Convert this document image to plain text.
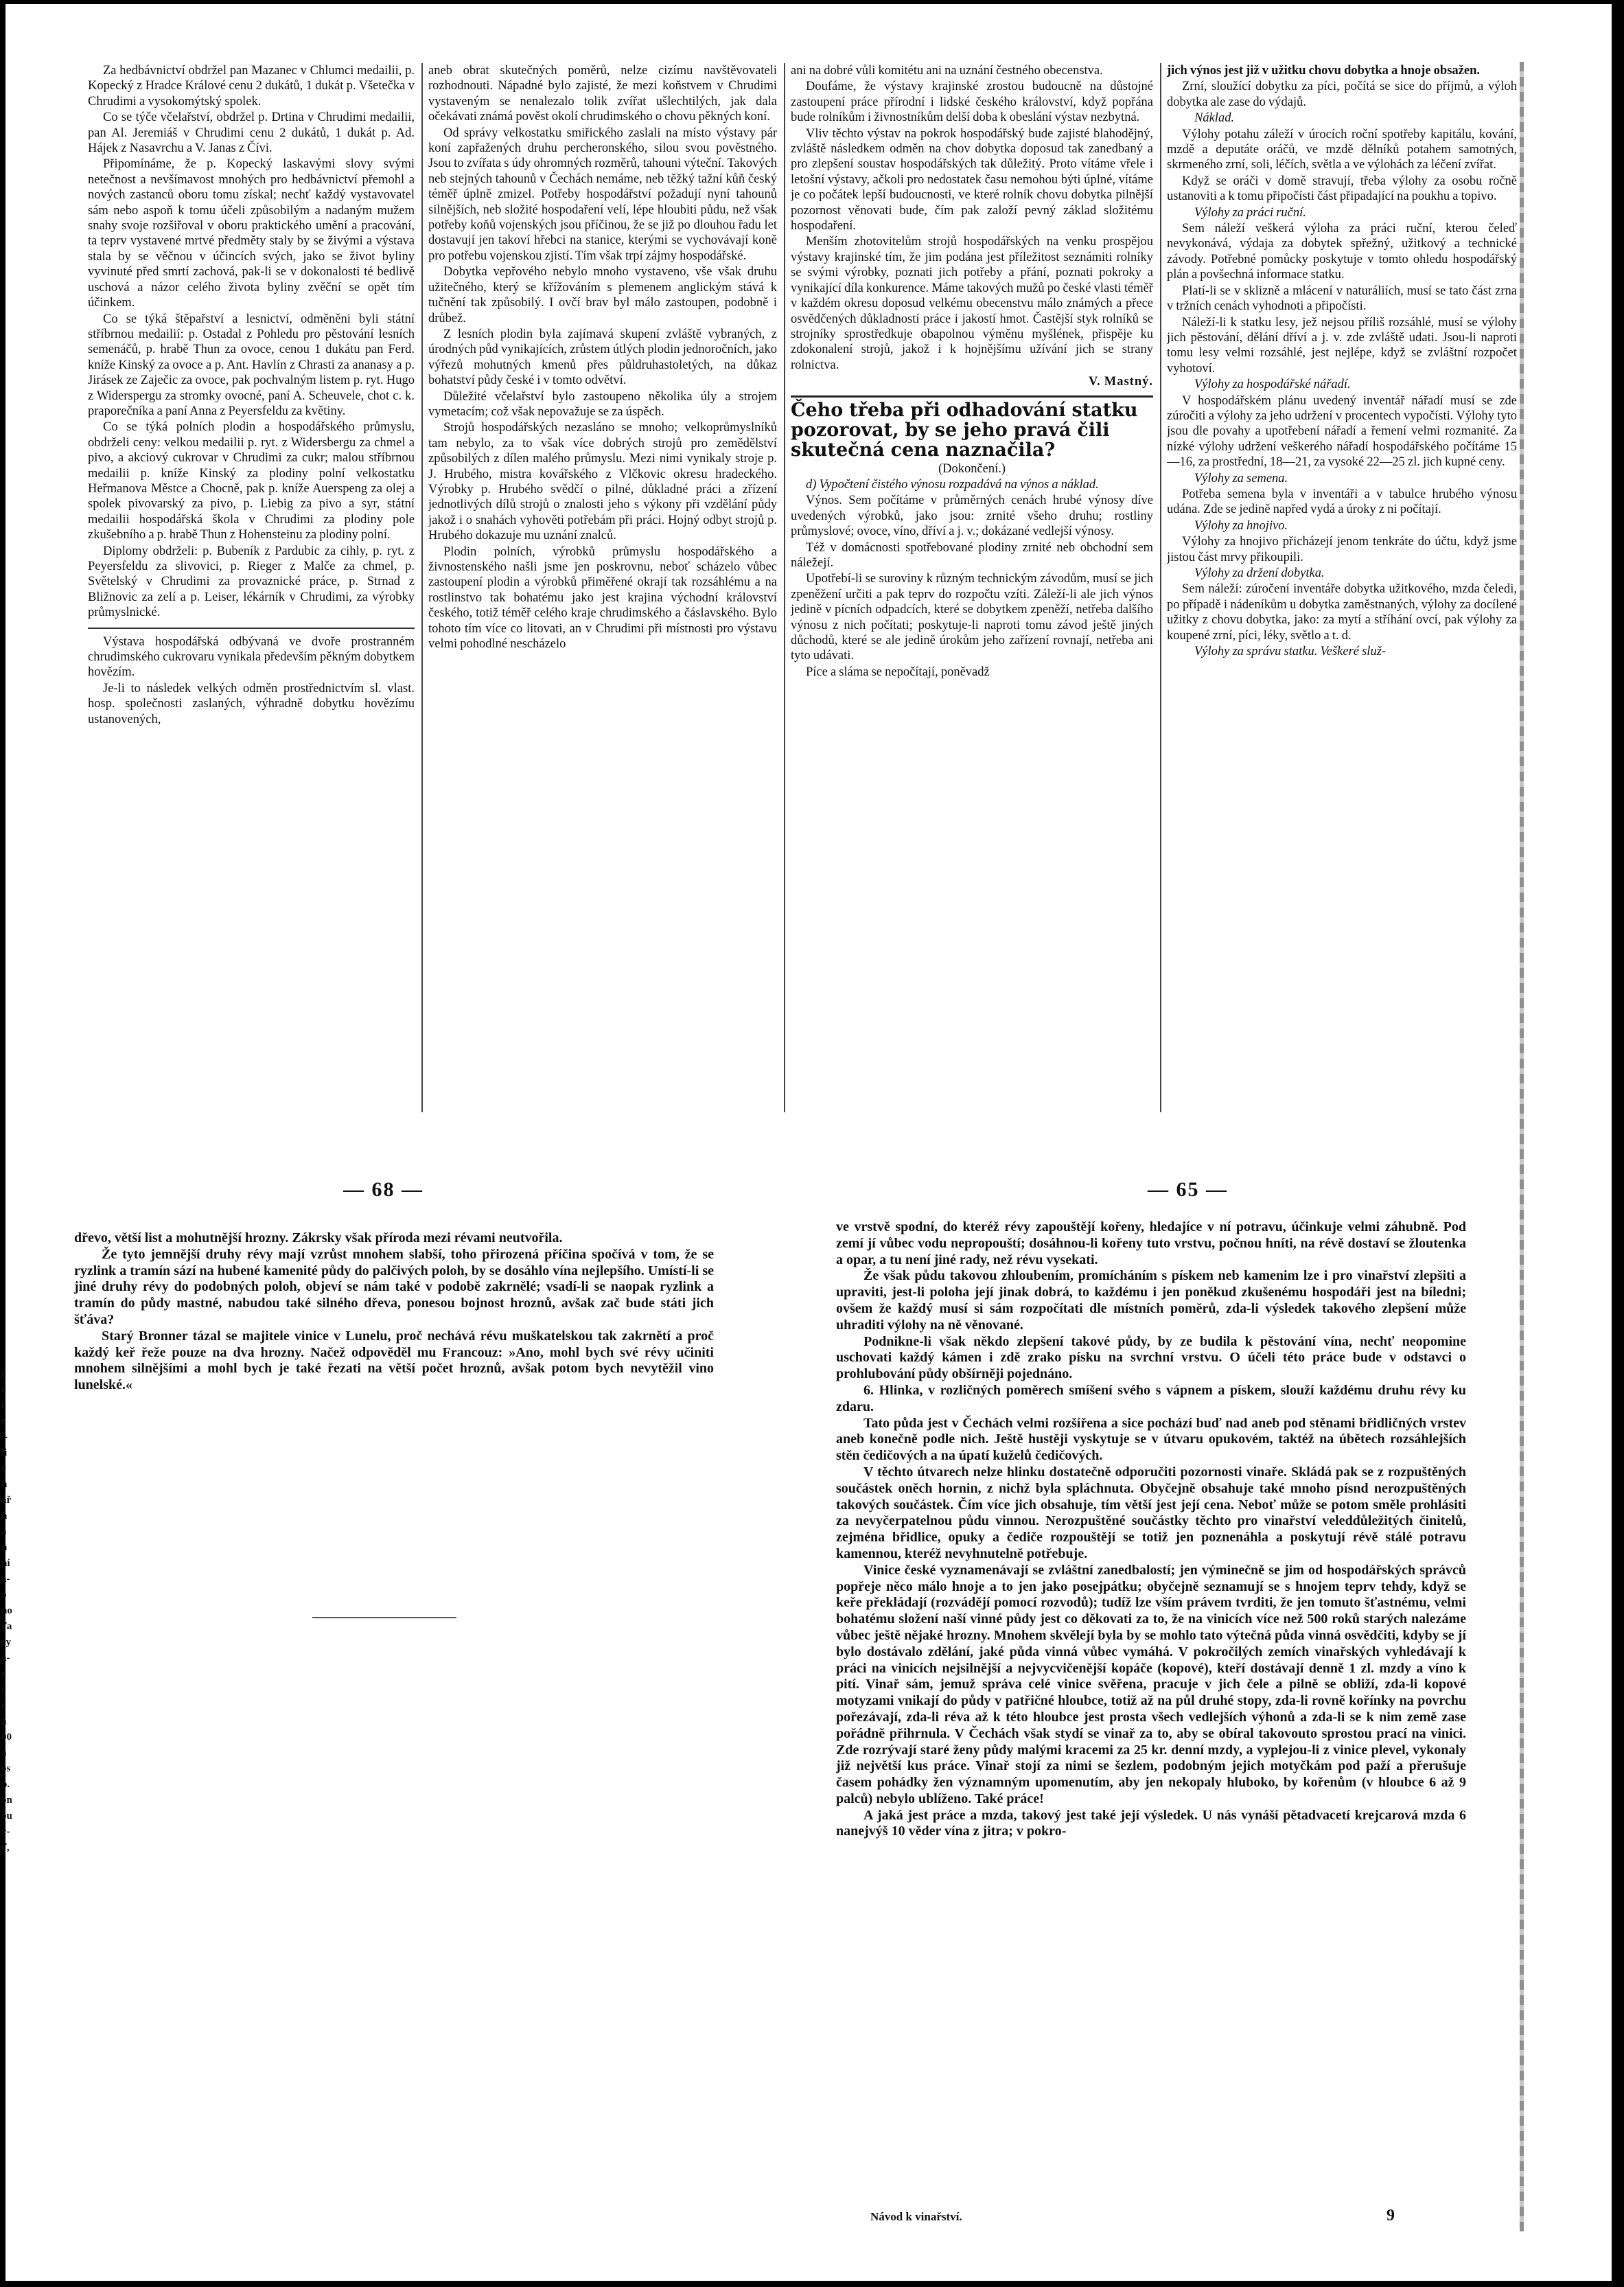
Za hedbávnictví obdržel pan Mazanec v Chlumci medailii, p. Kopecký z Hradce Králové cenu 2 dukátů, 1 dukát p. Všetečka v Chrudimi a vysokomýtský spolek.

Co se týče včelařství, obdržel p. Drtina v Chrudimi medailii, pan Al. Jeremiáš v Chrudimi cenu 2 dukátů, 1 dukát p. Ad. Hájek z Nasavrchu a V. Janas z Čívi.

Připomínáme, že p. Kopecký laskavými slovy svými netečnost a nevšímavost mnohých pro hedbávnictví přemohl a nových zastanců oboru tomu získal; nechť každý vystavovatel sám nebo aspoň k tomu účeli způsobilým a nadaným mužem snahy svoje rozšiřoval v oboru praktického umění a pracování, ta teprv vystavené mrtvé předměty staly by se živými a výstava stala by se věčnou v účincích svých, jako se život byliny vyvinuté před smrtí zachová, pak-li se v dokonalosti té bedlivě uschová a názor celého života byliny zvěční se opět tím účinkem.

Co se týká štěpařství a lesnictví, odměněni byli státní stříbrnou medailií: p. Ostadal z Pohledu pro pěstování lesních semenáčů, p. hrabě Thun za ovoce, cenou 1 dukátu pan Ferd. kníže Kinský za ovoce a p. Ant. Havlín z Chrasti za ananasy a p. Jirásek ze Zaječic za ovoce, pak pochvalným listem p. ryt. Hugo z Widerspergu za stromky ovocné, paní A. Scheuvele, chot c. k. praporečníka a paní Anna z Peyersfeldu za květiny.

Co se týká polních plodin a hospodářského průmyslu, obdrželi ceny: velkou medailii p. ryt. z Widersbergu za chmel a pivo, a akciový cukrovar v Chrudimi za cukr; malou stříbrnou medailii p. kníže Kinský za plodiny polní velkostatku Heřmanova Městce a Chocně, pak p. kníže Auerspeng za olej a spolek pivovarský za pivo, p. Liebig za pivo a syr, státní medailii hospodářská škola v Chrudimi za plodiny pole zkušebního a p. hrabě Thun z Hohensteinu za plodiny polní.

Diplomy obdrželi: p. Bubeník z Pardubic za cihly, p. ryt. z Peyersfeldu za slivovici, p. Rieger z Malče za chmel, p. Světelský v Chrudimi za provaznické práce, p. Strnad z Bližnovic za zelí a p. Leiser, lékárník v Chrudimi, za výrobky průmyslnické.

Výstava hospodářská odbývaná ve dvoře prostranném chrudimského cukrovaru vynikala především pěkným dobytkem hovězím.

Je-li to následek velkých odměn prostřednictvím sl. vlast. hosp. společnosti zaslaných, výhradně dobytku hovězímu ustanovených,

aneb obrat skutečných poměrů, nelze cizímu navštěvovateli rozhodnouti. Nápadné bylo zajisté, že mezi koňstvem v Chrudimi vystaveným se nenalezalo tolik zvířat ušlechtilých, jak dala očekávati známá pověst okolí chrudimského o chovu pěkných koní.

Od správy velkostatku smiřického zaslali na místo výstavy pár koní zapřažených druhu percheronského, silou svou pověstného. Jsou to zvířata s údy ohromných rozměrů, tahouni výteční. Takových neb stejných tahounů v Čechách nemáme, neb těžký tažní kůň český téměř úplně zmizel. Potřeby hospodářství požadují nyní tahounů silnějších, neb složité hospodaření velí, lépe hloubiti půdu, než však potřeby koňů vojenských jsou příčinou, že se již po dlouhou řadu let dostavují jen takoví hřebci na stanice, kterými se vychovávají koně pro potřebu vojenskou zjistí. Tím však trpí zájmy hospodářské.

Dobytka vepřového nebylo mnoho vystaveno, vše však druhu užitečného, který se křížováním s plemenem anglickým stává k tučnění tak způsobilý. I ovčí brav byl málo zastoupen, podobně i drůbež.

Z lesních plodin byla zajímavá skupení zvláště vybraných, z úrodných půd vynikajících, zrůstem útlých plodin jednoročních, jako výřezů mohutných kmenů přes půldruhastoletých, na důkaz bohatství půdy české i v tomto odvětví.

Důležité včelařství bylo zastoupeno několika úly a strojem vymetacím; což však nepovažuje se za úspěch.

Strojů hospodářských nezasláno se mnoho; velkoprůmyslníků tam nebylo, za to však více dobrých strojů pro zemědělství způsobilých z dílen malého průmyslu. Mezi nimi vynikaly stroje p. J. Hrubého, mistra kovářského z Vlčkovic okresu hradeckého. Výrobky p. Hrubého svědčí o pilné, důkladné práci a zřízení jednotlivých dílů strojů o znalosti jeho s výkony při vzdělání půdy jakož i o snahách vyhověti potřebám při práci. Hojný odbyt strojů p. Hrubého dokazuje mu uznání znalců.

Plodin polních, výrobků průmyslu hospodářského a živnostenského našli jsme jen poskrovnu, neboť scházelo vůbec zastoupení plodin a výrobků přiměřené okrají tak rozsáhlému a na rostlinstvo tak bohatému jako jest krajina východní království českého, totiž téměř celého kraje chrudimského a čáslavského. Bylo tohoto tím více co litovati, an v Chrudimi při místnosti pro výstavu velmi pohodlné nescházelo

ani na dobré vůli komitétu ani na uznání čestného obecenstva.

Doufáme, že výstavy krajinské zrostou budoucně na důstojné zastoupení práce přírodní i lidské českého království, když popřána bude rolníkům i živnostníkům delší doba k obeslání výstav nezbytná.

Vliv těchto výstav na pokrok hospodářský bude zajisté blahodějný, zvláště následkem odměn na chov dobytka doposud tak zanedbaný a pro zlepšení soustav hospodářských tak důležitý. Proto vítáme vřele i letošní výstavy, ačkoli pro nedostatek času nemohou býti úplné, vítáme je co počátek lepší budoucnosti, ve které rolník chovu dobytka pilnější pozornost věnovati bude, čím pak založí pevný základ složitému hospodaření.

Menším zhotovitelům strojů hospodářských na venku prospějou výstavy krajinské tím, že jim podána jest příležitost seznámiti rolníky se svými výrobky, poznati jich potřeby a přání, poznati pokroky a vynikající díla konkurence. Máme takových mužů po české vlasti téměř v každém okresu doposud velkému obecenstvu málo známých a přece osvědčených důkladností práce i jakostí hmot. Častější styk rolníků se strojníky sprostředkuje obapolnou výměnu myšlének, přispěje ku zdokonalení strojů, jakož i k hojnějšímu užívání jich se strany rolnictva.

V. Mastný.

Čeho třeba při odhadování statku pozorovat, by se jeho pravá čili skutečná cena naznačila?

(Dokončení.)

d) Vypočtení čistého výnosu rozpadává na výnos a náklad.

Výnos. Sem počítáme v průměrných cenách hrubé výnosy díve uvedených výrobků, jako jsou: zrnité všeho druhu; rostliny průmyslové; ovoce, víno, dříví a j. v.; dokázané vedlejší výnosy.

Též v domácnosti spotřebované plodiny zrnité neb obchodní sem náležejí.

Upotřebí-li se suroviny k různým technickým závodům, musí se jich zpeněžení určiti a pak teprv do rozpočtu vzíti. Záleží-li ale jich výnos jedině v pícních odpadcích, které se dobytkem zpeněží, netřeba dalšího výnosu z nich počítati; poskytuje-li naproti tomu závod ještě jiných důchodů, které se ale jedině úrokům jeho zařízení rovnají, netřeba ani tyto udávati.

Píce a sláma se nepočítají, poněvadž

jich výnos jest již v užitku chovu dobytka a hnoje obsažen.

Zrní, sloužící dobytku za píci, počítá se sice do příjmů, a výloh dobytka ale zase do výdajů.

Náklad.

Výlohy potahu záleží v úrocích roční spotřeby kapitálu, kování, mzdě a deputáte oráčů, ve mzdě dělníků potahem samotných, skrmeného zrní, soli, léčích, světla a ve výlohách za léčení zvířat.

Když se oráči v domě stravují, třeba výlohy za osobu ročně ustanoviti a k tomu připočísti část připadající na poukhu a topivo.

Výlohy za práci ruční.

Sem náleží veškerá výloha za práci ruční, kterou čeleď nevykonává, výdaja za dobytek spřežný, užitkový a technické závody. Potřebné pomůcky poskytuje v tomto ohledu hospodářský plán a povšechná informace statku.

Platí-li se v sklizně a mlácení v naturáliích, musí se tato část zrna v tržních cenách vyhodnoti a připočísti.

Náleží-li k statku lesy, jež nejsou příliš rozsáhlé, musí se výlohy jich pěstování, dělání dříví a j. v. zde zvláště udati. Jsou-li naproti tomu lesy velmi rozsáhlé, jest nejlépe, když se zvláštní rozpočet vyhotoví.

Výlohy za hospodářské nářadí.

V hospodářském plánu uvedený inventář nářadí musí se zde zúročiti a výlohy za jeho udržení v procentech vypočísti. Výlohy tyto jsou dle povahy a upotřebení nářadí a řemení velmi rozmanité. Za nízké výlohy udržení veškerého nářadí hospodářského počítáme 15—16, za prostřední, 18—21, za vysoké 22—25 zl. jich kupné ceny.

Výlohy za semena.

Potřeba semena byla v inventáři a v tabulce hrubého výnosu udána. Zde se jedině napřed vydá a úroky z ni počítají.

Výlohy za hnojivo.

Výlohy za hnojivo přicházejí jenom tenkráte do účtu, když jsme jistou část mrvy přikoupili.

Výlohy za držení dobytka.

Sem náleží: zúročení inventáře dobytka užitkového, mzda čeledi, po případě i nádeníkům u dobytka zaměstnaných, výlohy za docílené užitky z chovu dobytka, jako: za mytí a stříhání ovcí, pak výlohy za koupené zrní, píci, léky, světlo a t. d.

Výlohy za správu statku. Veškeré služ-

— 68 —	— 65 —

dřevo, větší list a mohutnější hrozny. Zákrsky však příroda mezi révami neutvořila.

Že tyto jemnější druhy révy mají vzrůst mnohem slabší, toho přirozená příčina spočívá v tom, že se ryzlink a tramín sází na hubené kamenité půdy do palčivých poloh, by se dosáhlo vína nejlepšího. Umístí-li se jiné druhy révy do podobných poloh, objeví se nám také v podobě zakrnělé; vsadí-li se naopak ryzlink a tramín do půdy mastné, nabudou také silného dřeva, ponesou bojnost hroznů, avšak zač bude státi jich šťáva?

Starý Bronner tázal se majitele vinice v Lunelu, proč nechává révu muškatelskou tak zakrnětí a proč každý keř řeže pouze na dva hrozny. Načež odpověděl mu Francouz: »Ano, mohl bych své révy učiniti mnohem silnějšími a mohl bych je také řezati na větší počet hroznů, avšak potom bych nevytěžil vino lunelské.«

ve vrstvě spodní, do kteréž révy zapouštějí kořeny, hledajíce v ní potravu, účinkuje velmi záhubně. Pod zemí jí vůbec vodu nepropouští; dosáhnou-li kořeny tuto vrstvu, počnou hníti, na révě dostaví se žloutenka a opar, a tu není jiné rady, než révu vysekati.

Že však půdu takovou zhloubením, promícháním s pískem neb kamenim lze i pro vinařství zlepšiti a upraviti, jest-li poloha její jinak dobrá, to každému i jen poněkud zkušenému hospodáři jest na bíledni; ovšem že každý musí si sám rozpočítati dle místních poměrů, zda-li výsledek takového zlepšení může uhraditi výlohy na ně věnované.

Podnikne-li však někdo zlepšení takové půdy, by ze budila k pěstování vína, nechť neopomine uschovati každý kámen i zdě zrako písku na svrchní vrstvu. O účeli této práce bude v odstavci o prohlubování půdy obšírněji pojednáno.

6. Hlinka, v rozličných poměrech smíšení svého s vápnem a pískem, slouží každému druhu révy ku zdaru.

Tato půda jest v Čechách velmi rozšířena a sice pochází buď nad aneb pod stěnami břidličných vrstev aneb konečně podle nich. Ještě hustěji vyskytuje se v útvaru opukovém, taktéž na úbětech rozsáhlejších stěn čedičových a na úpatí kuželů čedičových.

V těchto útvarech nelze hlinku dostatečně odporučiti pozornosti vinaře. Skládá pak se z rozpuštěných součástek oněch hornin, z nichž byla spláchnuta. Obyčejně obsahuje také mnoho písnd nerozpuštěných takových součástek. Čím více jich obsahuje, tím větší jest její cena. Neboť může se potom směle prohlásiti za nevyčerpatelnou půdu vinnou. Nerozpuštěné součástky těchto pro vinařství veleddůležitých činitelů, zejména břidlice, opuky a čediče rozpouštějí se totiž jen poznenáhla a poskytují révě stálé potravu kamennou, kteréž nevyhnutelně potřebuje.

Vinice české vyznamenávají se zvláštní zanedbalostí; jen výminečně se jim od hospodářských správců popřeje něco málo hnoje a to jen jako posejpátku; obyčejně seznamují se s hnojem teprv tehdy, když se keře překládají (rozvádějí pomocí rozvodů); tudíž lze vším právem tvrditi, že jen tomuto šťastnému, velmi bohatému složení naší vinné půdy jest co děkovati za to, že na vinicích více než 500 roků starých nalezáme vůbec ještě nějaké hrozny. Mnohem skvělejí byla by se mohlo tato výtečná půda vinná osvědčiti, kdyby se jí bylo dostávalo zdělání, jaké půda vinná vůbec vymáhá. V pokročilých zemích vinařských vyhledávají k práci na vinicích nejsilnější a nejvycvičenější kopáče (kopové), kteří dostávají denně 1 zl. mzdy a víno k pití. Vinař sám, jemuž správa celé vinice svěřena, pracuje v jich čele a pilně se obliží, zda-li kopové motyzami vnikají do půdy v patřičné hloubce, totiž až na půl druhé stopy, zda-li rovně kořínky na povrchu pořezávají, zda-li réva až k této hloubce jest prosta všech vedlejších výhonů a zda-li se k nim země zase pořádně přihrnula. V Čechách však stydí se vinař za to, aby se obíral takovouto sprostou prací na vinici. Zde rozrývají staré ženy půdy malými kracemi za 25 kr. denní mzdy, a vyplejou-li z vinice plevel, vykonaly již největší kus práce. Vinař stojí za nimi se šezlem, podobným jejich motyčkám pod paží a přerušuje časem pohádky žen významným upomenutím, aby jen nekopaly hluboko, by kořenům (v hloubce 6 až 9 palců) nebylo ublíženo. Také práce!

A jaká jest práce a mzda, takový jest také její výsledek. U nás vynáší pětadvacetí krejcarová mzda 6 nanejvýš 10 věder vína z jitra; v pokro-

Návod k vinařství.	9
i
i
i
e
'-
ii
r
n
ář
n
a
n
ní
a-
o
no
ťa
ry
á-
e
i
e
a
00
a
os
p.
on
ou
ý-
ť,
